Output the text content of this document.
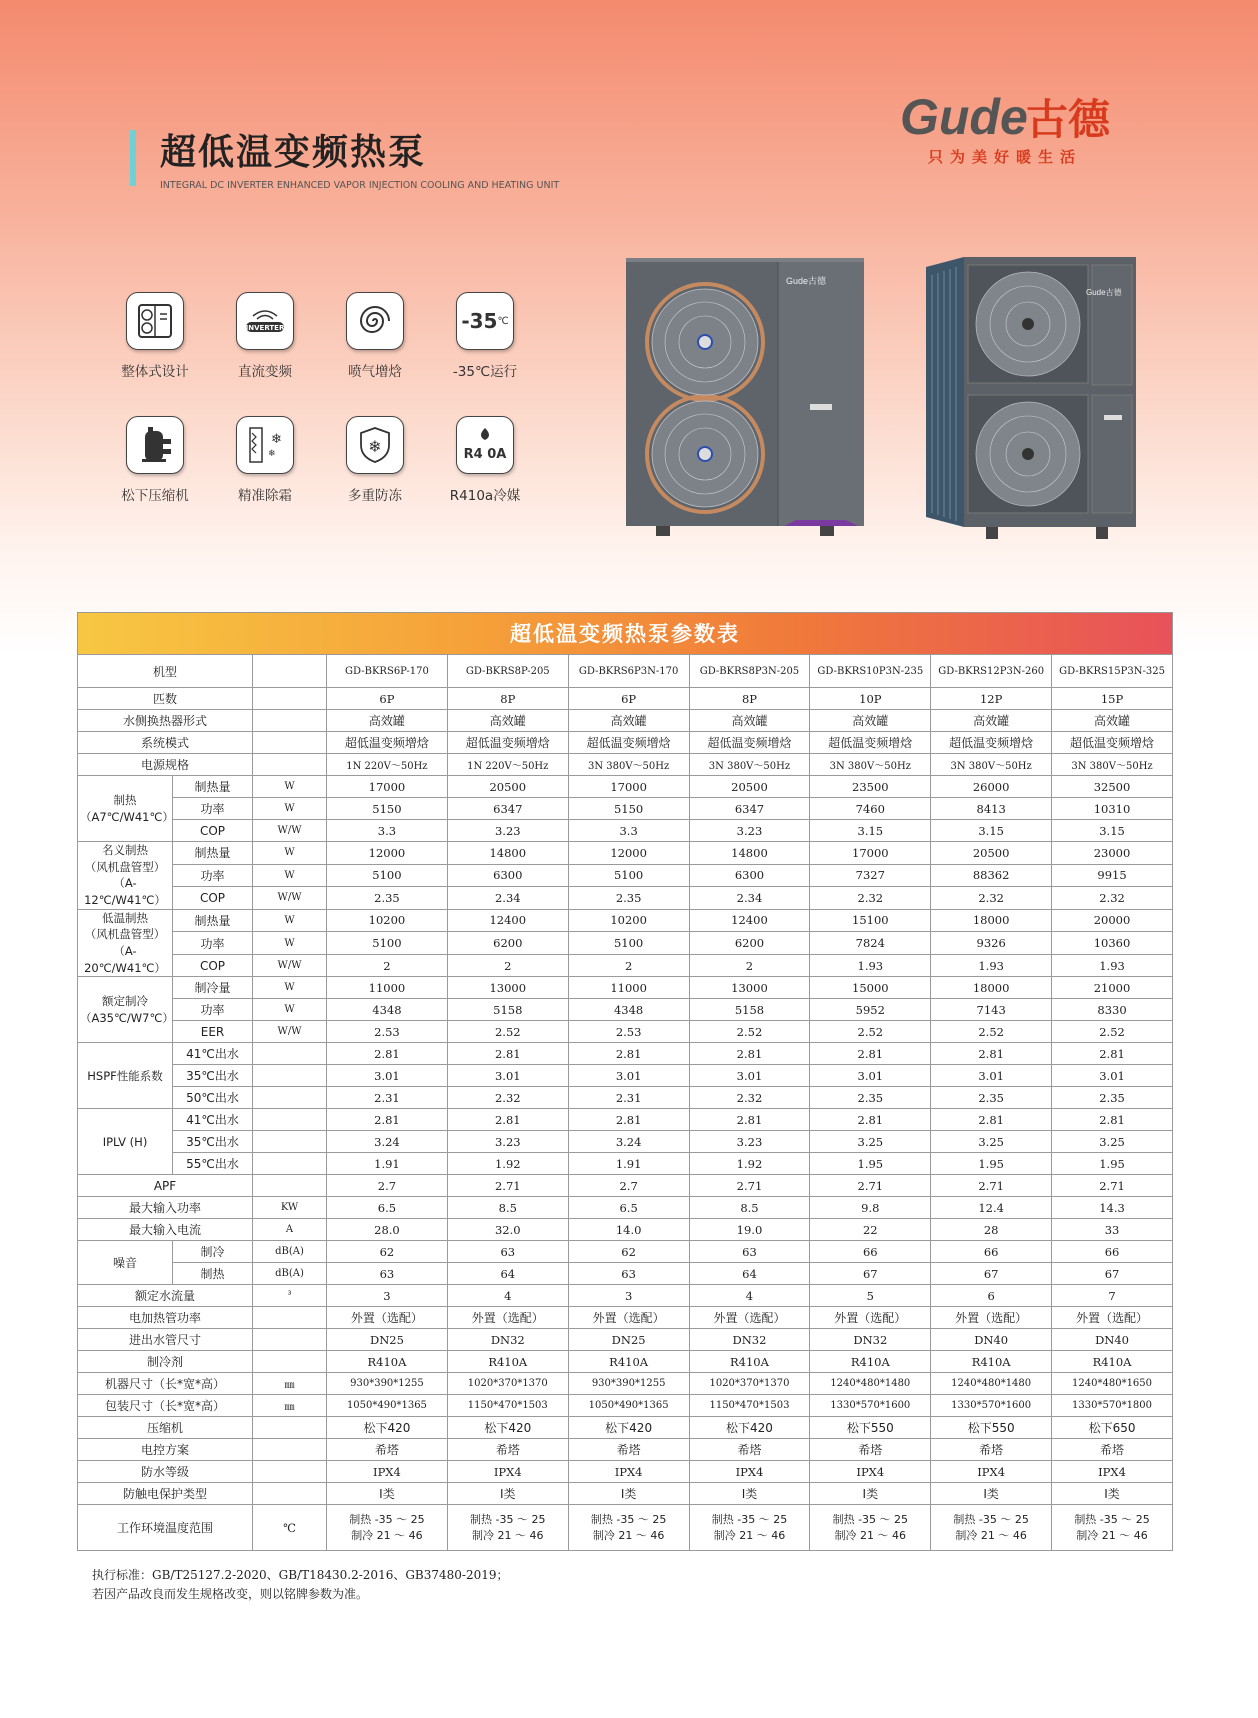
超低温变频热泵
INTEGRAL DC INVERTER ENHANCED VAPOR INJECTION COOLING AND HEATING UNIT
Gude
古德
只为美好暖生活
整体式设计
INVERTER
直流变频	喷气增焓
-35 ℃
-35℃运行
松下压缩机
❄
❄
精准除霜
❄
多重防冻
R4 0A
R410a冷媒
Gude古德
Gude古德
超低温变频热泵参数表
机型			GD-BKRS6P-170	GD-BKRS8P-205	GD-BKRS6P3N-170	GD-BKRS8P3N-205	GD-BKRS10P3N-235	GD-BKRS12P3N-260	GD-BKRS15P3N-325
匹数			6P	8P	6P	8P	10P	12P	15P
水侧换热器形式			高效罐	高效罐	高效罐	高效罐	高效罐	高效罐	高效罐
系统模式			超低温变频增焓	超低温变频增焓	超低温变频增焓	超低温变频增焓	超低温变频增焓	超低温变频增焓	超低温变频增焓
电源规格			1N 220V～50Hz	1N 220V～50Hz	3N 380V～50Hz	3N 380V～50Hz	3N 380V～50Hz	3N 380V～50Hz	3N 380V～50Hz
制热
（A7℃/W41℃）	制热量	W	17000	20500	17000	20500	23500	26000	32500
	功率	W	5150	6347	5150	6347	7460	8413	10310
	COP	W/W	3.3	3.23	3.3	3.23	3.15	3.15	3.15
名义制热
（风机盘管型）
（A-12℃/W41℃）	制热量	W	12000	14800	12000	14800	17000	20500	23000
	功率	W	5100	6300	5100	6300	7327	88362	9915
	COP	W/W	2.35	2.34	2.35	2.34	2.32	2.32	2.32
低温制热
（风机盘管型）
（A-20℃/W41℃）	制热量	W	10200	12400	10200	12400	15100	18000	20000
	功率	W	5100	6200	5100	6200	7824	9326	10360
	COP	W/W	2	2	2	2	1.93	1.93	1.93
额定制冷
（A35℃/W7℃）	制冷量	W	11000	13000	11000	13000	15000	18000	21000
	功率	W	4348	5158	4348	5158	5952	7143	8330
	EER	W/W	2.53	2.52	2.53	2.52	2.52	2.52	2.52
HSPF性能系数	41℃出水		2.81	2.81	2.81	2.81	2.81	2.81	2.81
	35℃出水		3.01	3.01	3.01	3.01	3.01	3.01	3.01
	50℃出水		2.31	2.32	2.31	2.32	2.35	2.35	2.35
IPLV (H)	41℃出水		2.81	2.81	2.81	2.81	2.81	2.81	2.81
	35℃出水		3.24	3.23	3.24	3.23	3.25	3.25	3.25
	55℃出水		1.91	1.92	1.91	1.92	1.95	1.95	1.95
APF			2.7	2.71	2.7	2.71	2.71	2.71	2.71
最大输入功率		KW	6.5	8.5	6.5	8.5	9.8	12.4	14.3
最大输入电流		A	28.0	32.0	14.0	19.0	22	28	33
噪音	制冷	dB(A)	62	63	62	63	66	66	66
	制热	dB(A)	63	64	63	64	67	67	67
额定水流量		³	3	4	3	4	5	6	7
电加热管功率			外置（选配）	外置（选配）	外置（选配）	外置（选配）	外置（选配）	外置（选配）	外置（选配）
进出水管尺寸			DN25	DN32	DN25	DN32	DN32	DN40	DN40
制冷剂			R410A	R410A	R410A	R410A	R410A	R410A	R410A
机器尺寸（长*宽*高）		㎜	930*390*1255	1020*370*1370	930*390*1255	1020*370*1370	1240*480*1480	1240*480*1480	1240*480*1650
包装尺寸（长*宽*高）		㎜	1050*490*1365	1150*470*1503	1050*490*1365	1150*470*1503	1330*570*1600	1330*570*1600	1330*570*1800
压缩机			松下420	松下420	松下420	松下420	松下550	松下550	松下650
电控方案			希塔	希塔	希塔	希塔	希塔	希塔	希塔
防水等级			IPX4	IPX4	IPX4	IPX4	IPX4	IPX4	IPX4
防触电保护类型			I类	I类	I类	I类	I类	I类	I类
工作环境温度范围		℃	制热 -35 ～ 25
制冷 21 ～ 46	制热 -35 ～ 25
制冷 21 ～ 46	制热 -35 ～ 25
制冷 21 ～ 46	制热 -35 ～ 25
制冷 21 ～ 46	制热 -35 ～ 25
制冷 21 ～ 46	制热 -35 ～ 25
制冷 21 ～ 46	制热 -35 ～ 25
制冷 21 ～ 46
执行标准：GB/T25127.2-2020、GB/T18430.2-2016、GB37480-2019；
若因产品改良而发生规格改变，则以铭牌参数为准。
